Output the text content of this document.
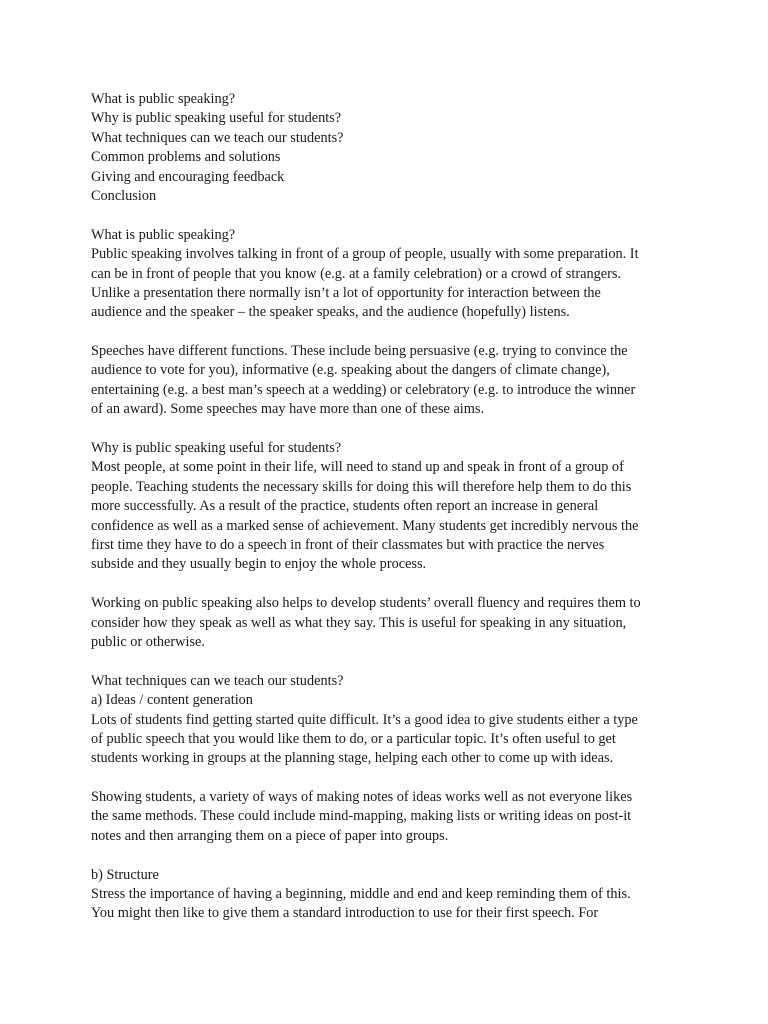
What is public speaking?
Why is public speaking useful for students?
What techniques can we teach our students?
Common problems and solutions
Giving and encouraging feedback
Conclusion
What is public speaking?
Public speaking involves talking in front of a group of people, usually with some preparation. It
can be in front of people that you know (e.g. at a family celebration) or a crowd of strangers.
Unlike a presentation there normally isn’t a lot of opportunity for interaction between the
audience and the speaker – the speaker speaks, and the audience (hopefully) listens.
Speeches have different functions. These include being persuasive (e.g. trying to convince the
audience to vote for you), informative (e.g. speaking about the dangers of climate change),
entertaining (e.g. a best man’s speech at a wedding) or celebratory (e.g. to introduce the winner
of an award). Some speeches may have more than one of these aims.
Why is public speaking useful for students?
Most people, at some point in their life, will need to stand up and speak in front of a group of
people. Teaching students the necessary skills for doing this will therefore help them to do this
more successfully. As a result of the practice, students often report an increase in general
confidence as well as a marked sense of achievement. Many students get incredibly nervous the
first time they have to do a speech in front of their classmates but with practice the nerves
subside and they usually begin to enjoy the whole process.
Working on public speaking also helps to develop students’ overall fluency and requires them to
consider how they speak as well as what they say. This is useful for speaking in any situation,
public or otherwise.
What techniques can we teach our students?
a) Ideas / content generation
Lots of students find getting started quite difficult. It’s a good idea to give students either a type
of public speech that you would like them to do, or a particular topic. It’s often useful to get
students working in groups at the planning stage, helping each other to come up with ideas.
Showing students, a variety of ways of making notes of ideas works well as not everyone likes
the same methods. These could include mind-mapping, making lists or writing ideas on post-it
notes and then arranging them on a piece of paper into groups.
b) Structure
Stress the importance of having a beginning, middle and end and keep reminding them of this.
You might then like to give them a standard introduction to use for their first speech. For
